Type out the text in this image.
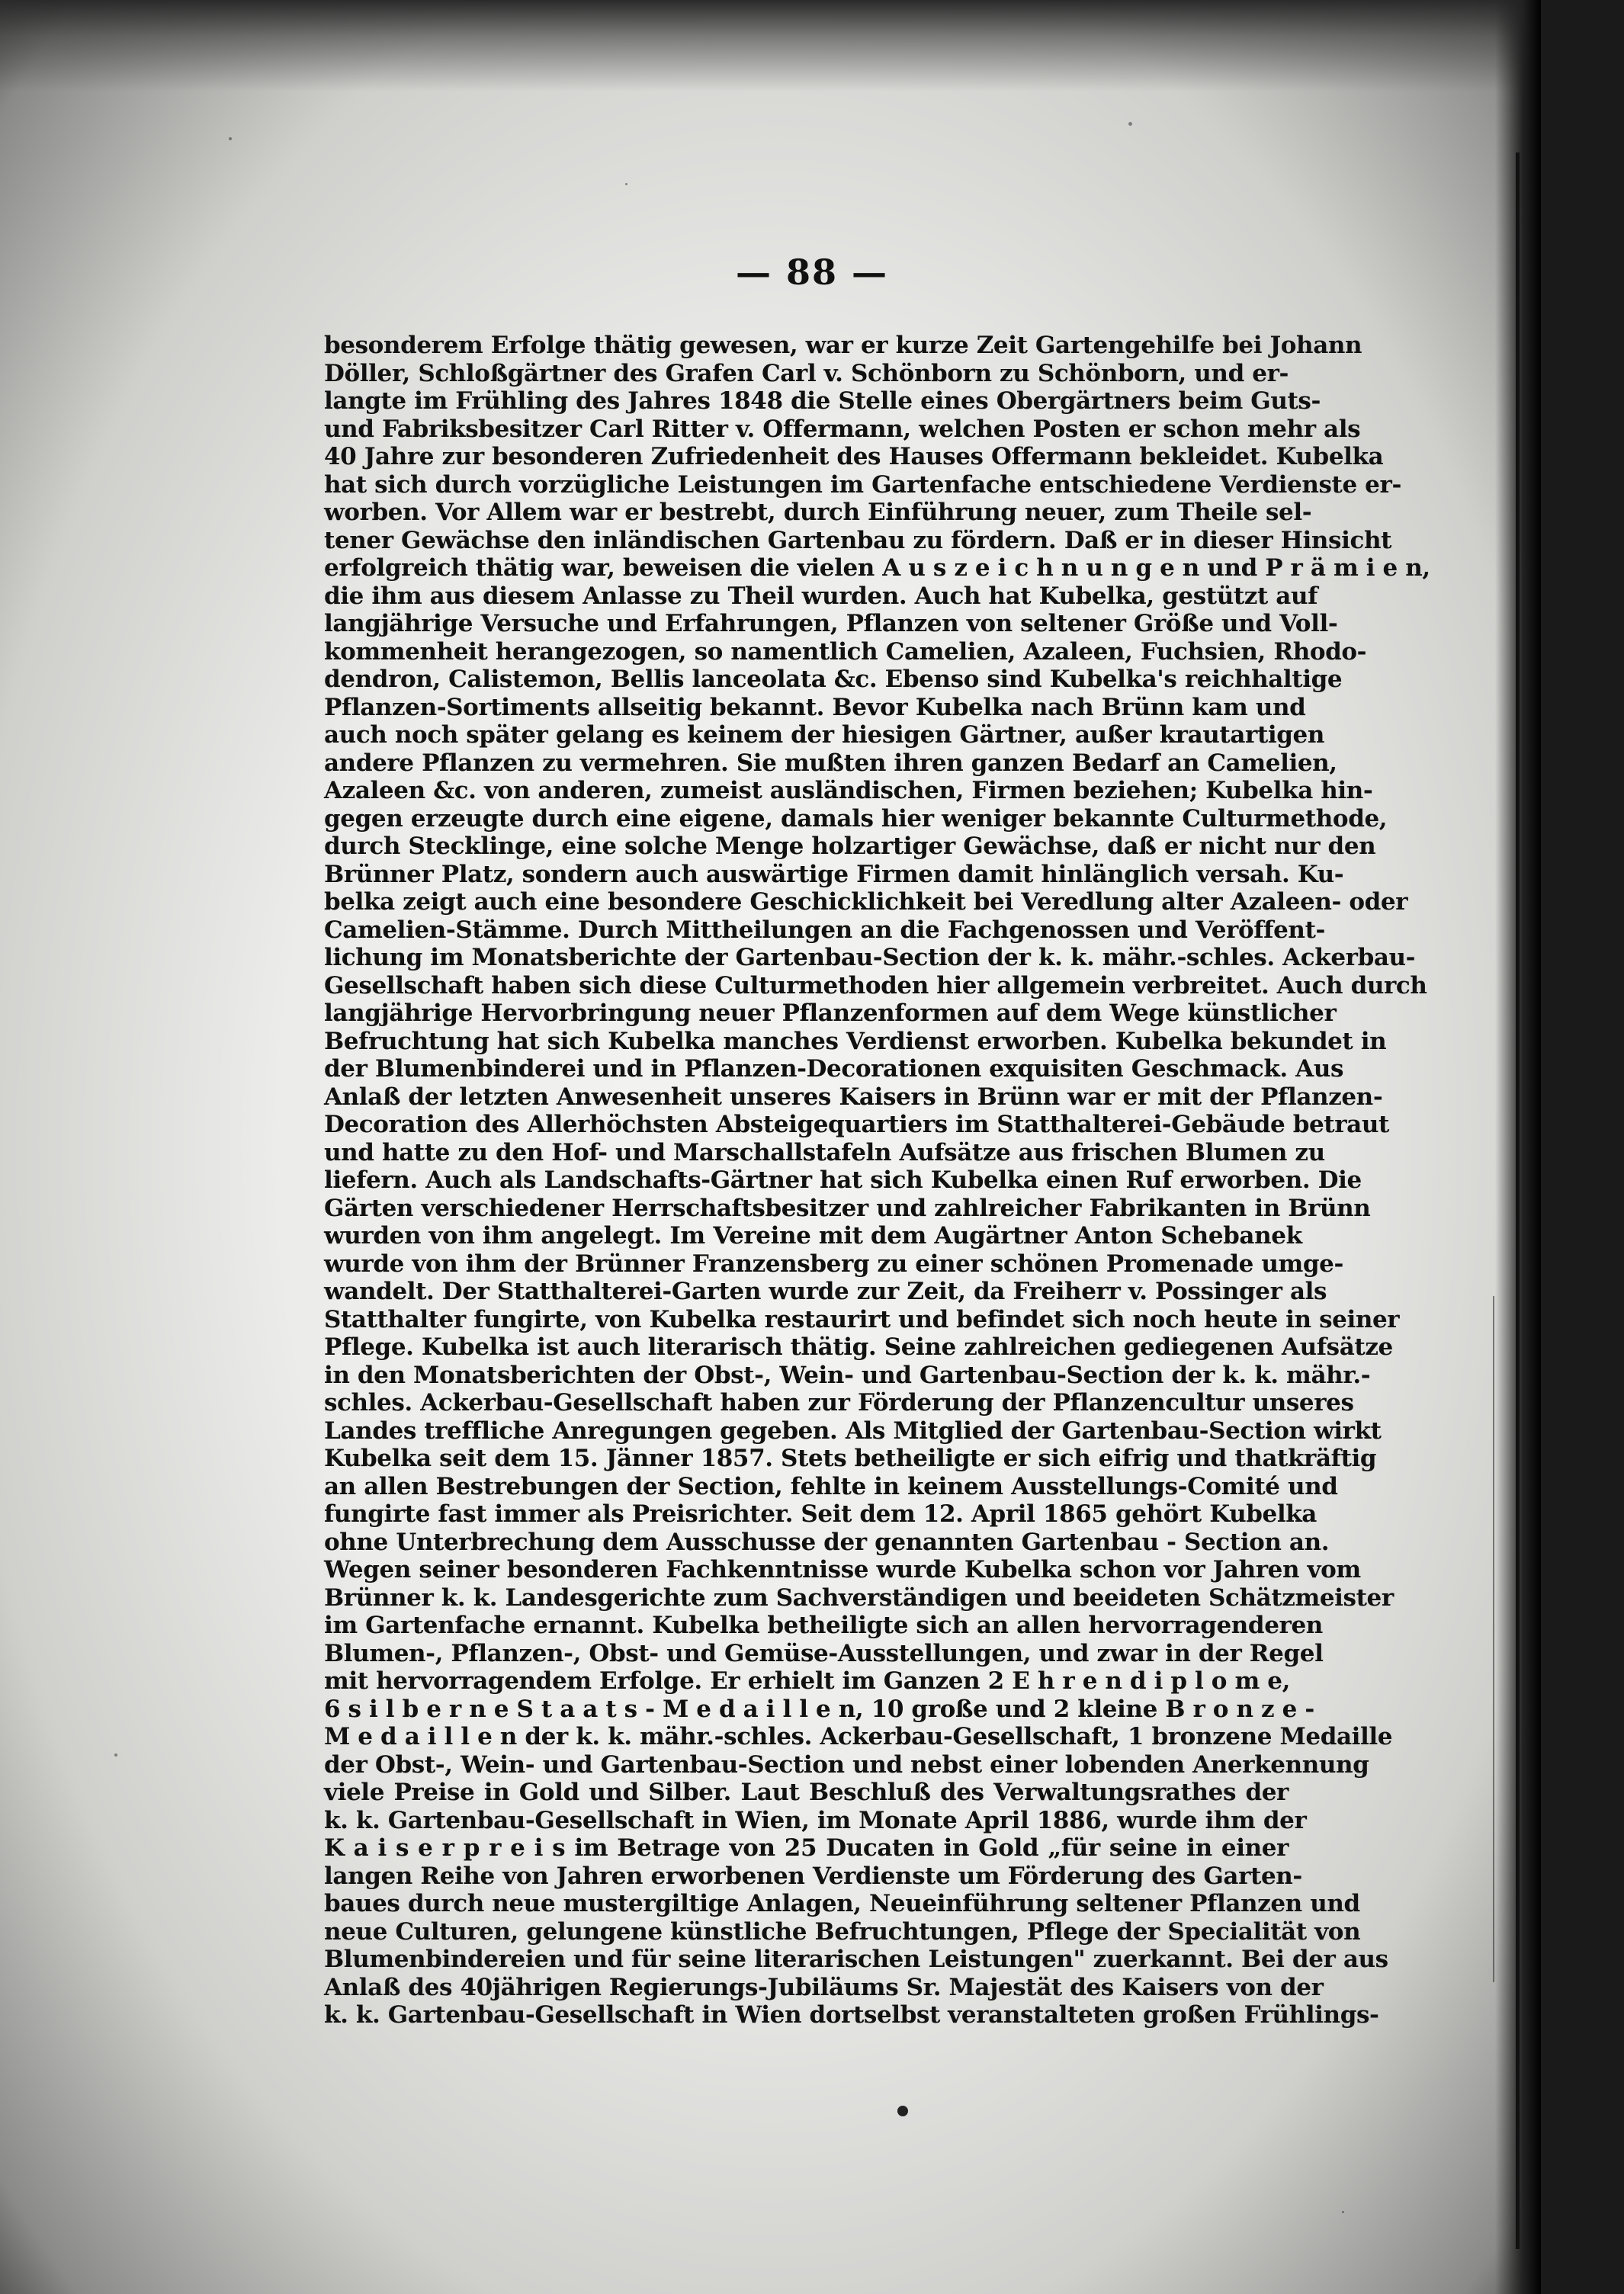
— 88 —
besonderem Erfolge thätig gewesen, war er kurze Zeit Gartengehilfe bei Johann
Döller, Schloßgärtner des Grafen Carl v. Schönborn zu Schönborn, und er-
langte im Frühling des Jahres 1848 die Stelle eines Obergärtners beim Guts-
und Fabriksbesitzer Carl Ritter v. Offermann, welchen Posten er schon mehr als
40 Jahre zur besonderen Zufriedenheit des Hauses Offermann bekleidet. Kubelka
hat sich durch vorzügliche Leistungen im Gartenfache entschiedene Verdienste er-
worben. Vor Allem war er bestrebt, durch Einführung neuer, zum Theile sel-
tener Gewächse den inländischen Gartenbau zu fördern. Daß er in dieser Hinsicht
erfolgreich thätig war, beweisen die vielen A u s z e i c h n u n g e n und P r ä m i e n,
die ihm aus diesem Anlasse zu Theil wurden. Auch hat Kubelka, gestützt auf
langjährige Versuche und Erfahrungen, Pflanzen von seltener Größe und Voll-
kommenheit herangezogen, so namentlich Camelien, Azaleen, Fuchsien, Rhodo-
dendron, Calistemon, Bellis lanceolata &c. Ebenso sind Kubelka's reichhaltige
Pflanzen-Sortiments allseitig bekannt. Bevor Kubelka nach Brünn kam und
auch noch später gelang es keinem der hiesigen Gärtner, außer krautartigen
andere Pflanzen zu vermehren. Sie mußten ihren ganzen Bedarf an Camelien,
Azaleen &c. von anderen, zumeist ausländischen, Firmen beziehen; Kubelka hin-
gegen erzeugte durch eine eigene, damals hier weniger bekannte Culturmethode,
durch Stecklinge, eine solche Menge holzartiger Gewächse, daß er nicht nur den
Brünner Platz, sondern auch auswärtige Firmen damit hinlänglich versah. Ku-
belka zeigt auch eine besondere Geschicklichkeit bei Veredlung alter Azaleen- oder
Camelien-Stämme. Durch Mittheilungen an die Fachgenossen und Veröffent-
lichung im Monatsberichte der Gartenbau-Section der k. k. mähr.-schles. Ackerbau-
Gesellschaft haben sich diese Culturmethoden hier allgemein verbreitet. Auch durch
langjährige Hervorbringung neuer Pflanzenformen auf dem Wege künstlicher
Befruchtung hat sich Kubelka manches Verdienst erworben. Kubelka bekundet in
der Blumenbinderei und in Pflanzen-Decorationen exquisiten Geschmack. Aus
Anlaß der letzten Anwesenheit unseres Kaisers in Brünn war er mit der Pflanzen-
Decoration des Allerhöchsten Absteigequartiers im Statthalterei-Gebäude betraut
und hatte zu den Hof- und Marschallstafeln Aufsätze aus frischen Blumen zu
liefern. Auch als Landschafts-Gärtner hat sich Kubelka einen Ruf erworben. Die
Gärten verschiedener Herrschaftsbesitzer und zahlreicher Fabrikanten in Brünn
wurden von ihm angelegt. Im Vereine mit dem Augärtner Anton Schebanek
wurde von ihm der Brünner Franzensberg zu einer schönen Promenade umge-
wandelt. Der Statthalterei-Garten wurde zur Zeit, da Freiherr v. Possinger als
Statthalter fungirte, von Kubelka restaurirt und befindet sich noch heute in seiner
Pflege. Kubelka ist auch literarisch thätig. Seine zahlreichen gediegenen Aufsätze
in den Monatsberichten der Obst-, Wein- und Gartenbau-Section der k. k. mähr.-
schles. Ackerbau-Gesellschaft haben zur Förderung der Pflanzencultur unseres
Landes treffliche Anregungen gegeben. Als Mitglied der Gartenbau-Section wirkt
Kubelka seit dem 15. Jänner 1857. Stets betheiligte er sich eifrig und thatkräftig
an allen Bestrebungen der Section, fehlte in keinem Ausstellungs-Comité und
fungirte fast immer als Preisrichter. Seit dem 12. April 1865 gehört Kubelka
ohne Unterbrechung dem Ausschusse der genannten Gartenbau - Section an.
Wegen seiner besonderen Fachkenntnisse wurde Kubelka schon vor Jahren vom
Brünner k. k. Landesgerichte zum Sachverständigen und beeideten Schätzmeister
im Gartenfache ernannt. Kubelka betheiligte sich an allen hervorragenderen
Blumen-, Pflanzen-, Obst- und Gemüse-Ausstellungen, und zwar in der Regel
mit hervorragendem Erfolge. Er erhielt im Ganzen 2 E h r e n d i p l o m e,
6 s i l b e r n e S t a a t s - M e d a i l l e n, 10 große und 2 kleine B r o n z e -
M e d a i l l e n der k. k. mähr.-schles. Ackerbau-Gesellschaft, 1 bronzene Medaille
der Obst-, Wein- und Gartenbau-Section und nebst einer lobenden Anerkennung
viele Preise in Gold und Silber. Laut Beschluß des Verwaltungsrathes der
k. k. Gartenbau-Gesellschaft in Wien, im Monate April 1886, wurde ihm der
K a i s e r p r e i s im Betrage von 25 Ducaten in Gold „für seine in einer
langen Reihe von Jahren erworbenen Verdienste um Förderung des Garten-
baues durch neue mustergiltige Anlagen, Neueinführung seltener Pflanzen und
neue Culturen, gelungene künstliche Befruchtungen, Pflege der Specialität von
Blumenbindereien und für seine literarischen Leistungen" zuerkannt. Bei der aus
Anlaß des 40jährigen Regierungs-Jubiläums Sr. Majestät des Kaisers von der
k. k. Gartenbau-Gesellschaft in Wien dortselbst veranstalteten großen Frühlings-
